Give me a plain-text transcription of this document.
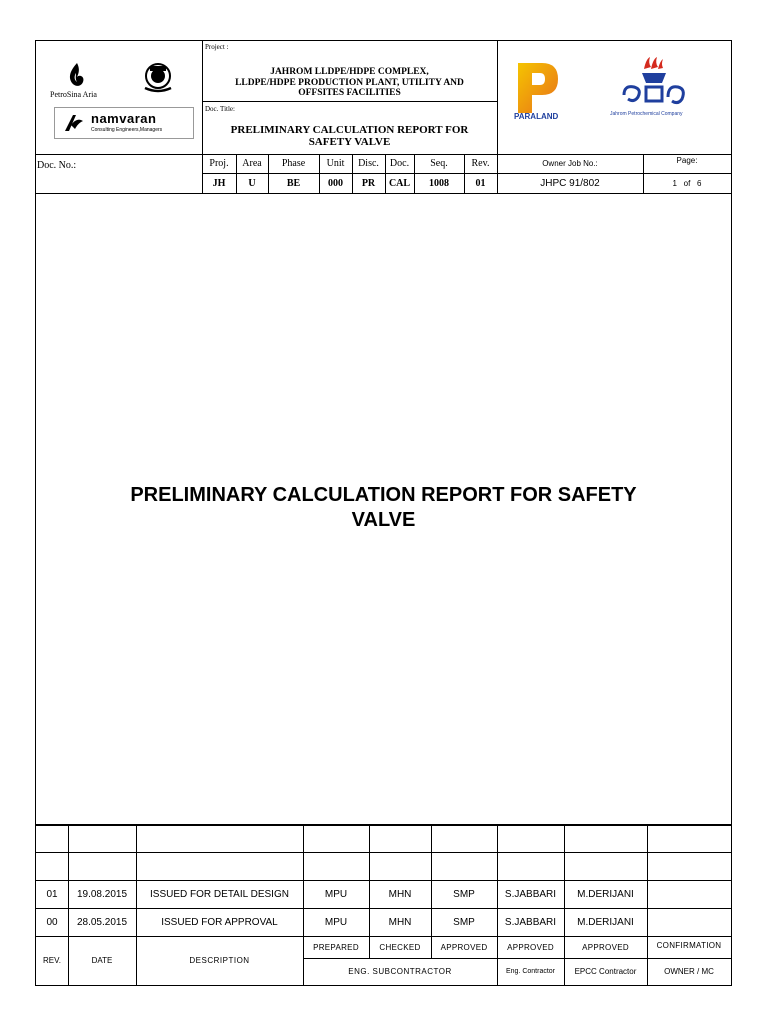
PetroSina Aria
namvaran
Consulting Engineers,Managers
Project :
JAHROM LLDPE/HDPE COMPLEX,
LLDPE/HDPE PRODUCTION PLANT, UTILITY AND
OFFSITES FACILITIES
Doc. Title:
PRELIMINARY CALCULATION REPORT FOR
SAFETY VALVE
PARALAND	Jahrom Petrochemical Company
Doc. No.:	Proj.	Area	Phase	Unit	Disc.	Doc.	Seq.	Rev.
JH	U	BE	000	PR	CAL	1008	01
Owner Job No.:
JHPC 91/802
Page:
1   of   6
PRELIMINARY CALCULATION REPORT FOR SAFETY
VALVE
01	19.08.2015	ISSUED FOR DETAIL DESIGN	MPU	MHN	SMP	S.JABBARI	M.DERIJANI
00	28.05.2015	ISSUED FOR APPROVAL	MPU	MHN	SMP	S.JABBARI	M.DERIJANI
REV.	DATE	DESCRIPTION
PREPARED	CHECKED	APPROVED	APPROVED	APPROVED	CONFIRMATION
ENG. SUBCONTRACTOR	Eng. Contractor	EPCC Contractor	OWNER / MC
